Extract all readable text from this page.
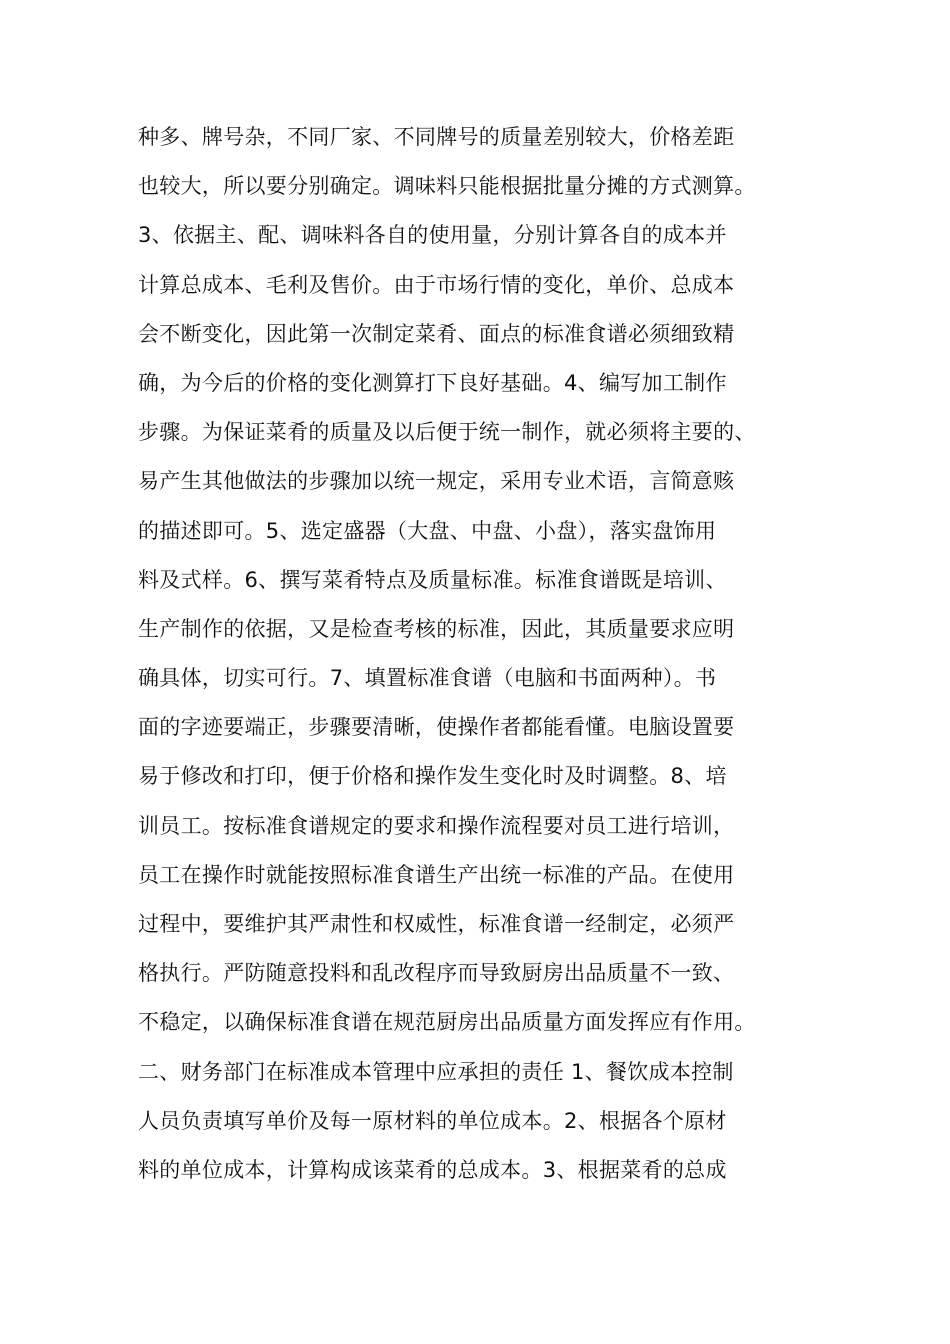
种多、牌号杂，不同厂家、不同牌号的质量差别较大，价格差距
也较大，所以要分别确定。调味料只能根据批量分摊的方式测算。
3、依据主、配、调味料各自的使用量，分别计算各自的成本并
计算总成本、毛利及售价。由于市场行情的变化，单价、总成本
会不断变化，因此第一次制定菜肴、面点的标准食谱必须细致精
确，为今后的价格的变化测算打下良好基础。4、编写加工制作
步骤。为保证菜肴的质量及以后便于统一制作，就必须将主要的、
易产生其他做法的步骤加以统一规定，采用专业术语，言简意赅
的描述即可。5、选定盛器（大盘、中盘、小盘），落实盘饰用
料及式样。6、撰写菜肴特点及质量标准。标准食谱既是培训、
生产制作的依据，又是检查考核的标准，因此，其质量要求应明
确具体，切实可行。7、填置标准食谱（电脑和书面两种）。书
面的字迹要端正，步骤要清晰，使操作者都能看懂。电脑设置要
易于修改和打印，便于价格和操作发生变化时及时调整。8、培
训员工。按标准食谱规定的要求和操作流程要对员工进行培训，
员工在操作时就能按照标准食谱生产出统一标准的产品。在使用
过程中，要维护其严肃性和权威性，标准食谱一经制定，必须严
格执行。严防随意投料和乱改程序而导致厨房出品质量不一致、
不稳定，以确保标准食谱在规范厨房出品质量方面发挥应有作用。
二、财务部门在标准成本管理中应承担的责任 1、餐饮成本控制
人员负责填写单价及每一原材料的单位成本。2、根据各个原材
料的单位成本，计算构成该菜肴的总成本。3、根据菜肴的总成
